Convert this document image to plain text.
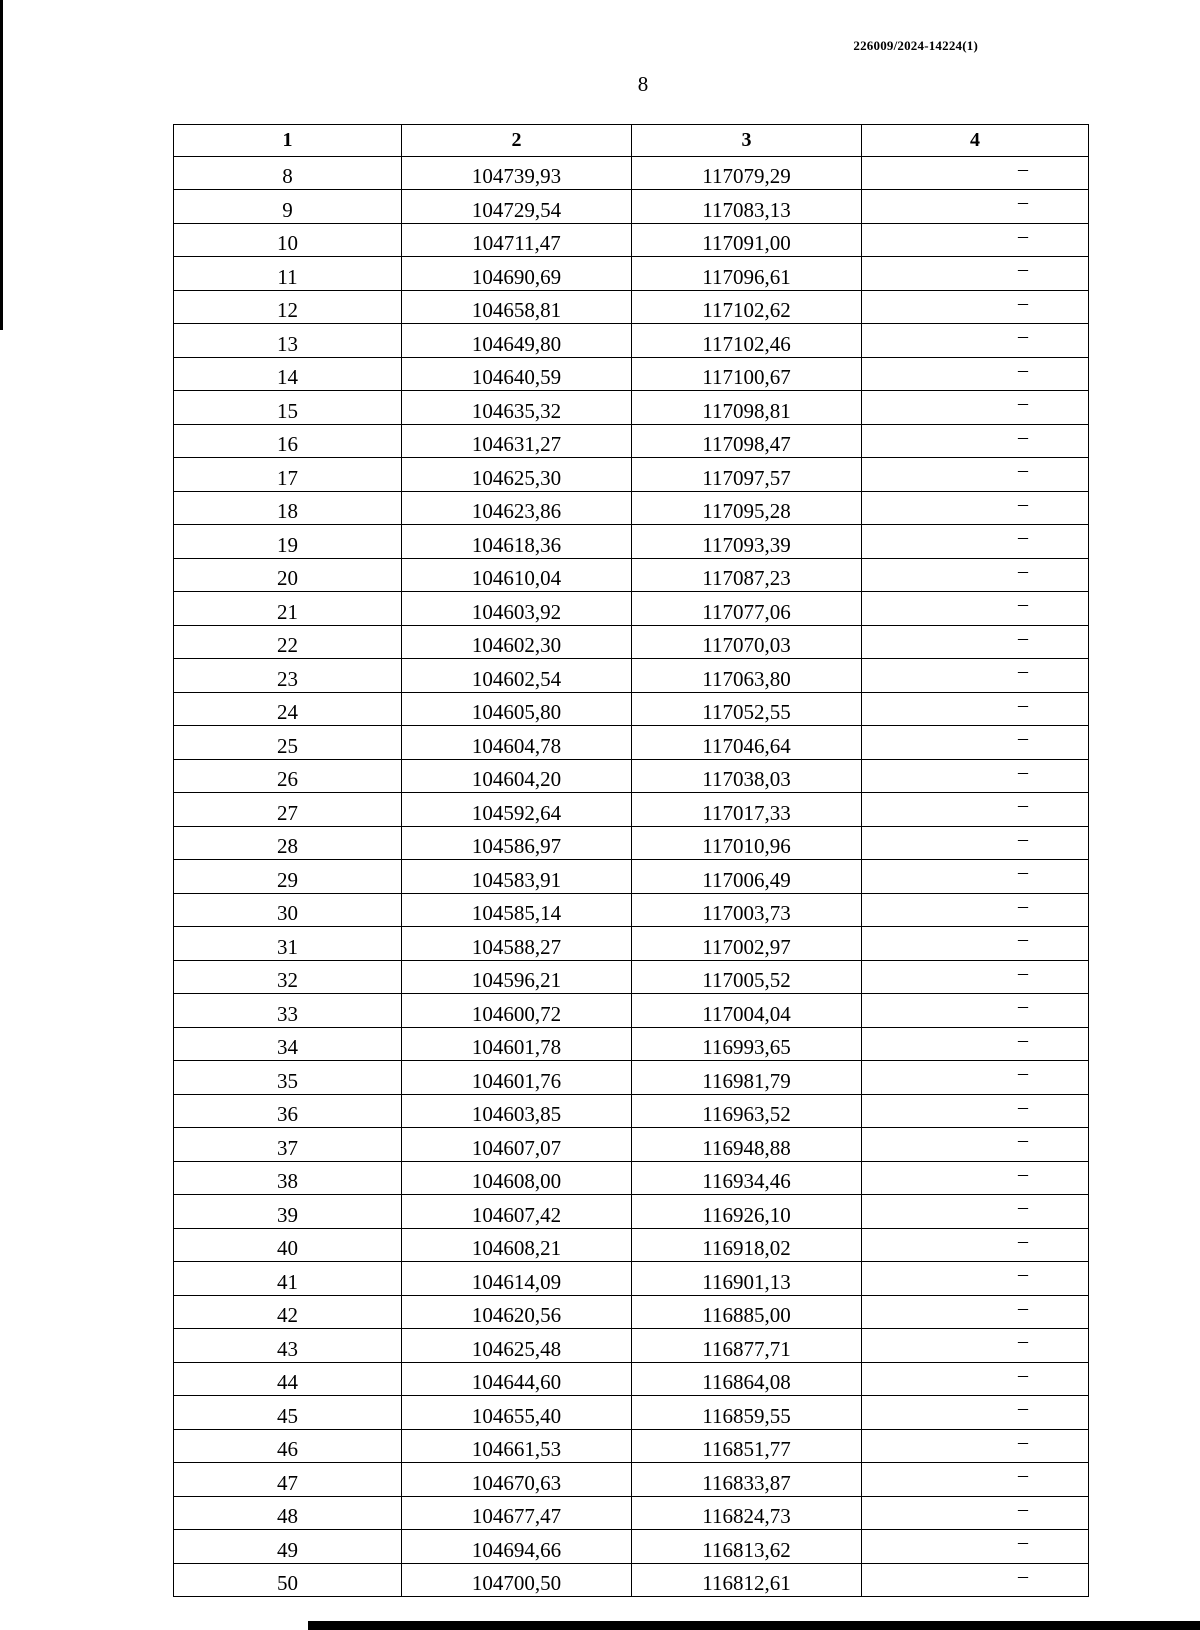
226009/2024-14224(1)
8
1	2	3	4
8	104739,93	117079,29	–
9	104729,54	117083,13	–
10	104711,47	117091,00	–
11	104690,69	117096,61	–
12	104658,81	117102,62	–
13	104649,80	117102,46	–
14	104640,59	117100,67	–
15	104635,32	117098,81	–
16	104631,27	117098,47	–
17	104625,30	117097,57	–
18	104623,86	117095,28	–
19	104618,36	117093,39	–
20	104610,04	117087,23	–
21	104603,92	117077,06	–
22	104602,30	117070,03	–
23	104602,54	117063,80	–
24	104605,80	117052,55	–
25	104604,78	117046,64	–
26	104604,20	117038,03	–
27	104592,64	117017,33	–
28	104586,97	117010,96	–
29	104583,91	117006,49	–
30	104585,14	117003,73	–
31	104588,27	117002,97	–
32	104596,21	117005,52	–
33	104600,72	117004,04	–
34	104601,78	116993,65	–
35	104601,76	116981,79	–
36	104603,85	116963,52	–
37	104607,07	116948,88	–
38	104608,00	116934,46	–
39	104607,42	116926,10	–
40	104608,21	116918,02	–
41	104614,09	116901,13	–
42	104620,56	116885,00	–
43	104625,48	116877,71	–
44	104644,60	116864,08	–
45	104655,40	116859,55	–
46	104661,53	116851,77	–
47	104670,63	116833,87	–
48	104677,47	116824,73	–
49	104694,66	116813,62	–
50	104700,50	116812,61	–
